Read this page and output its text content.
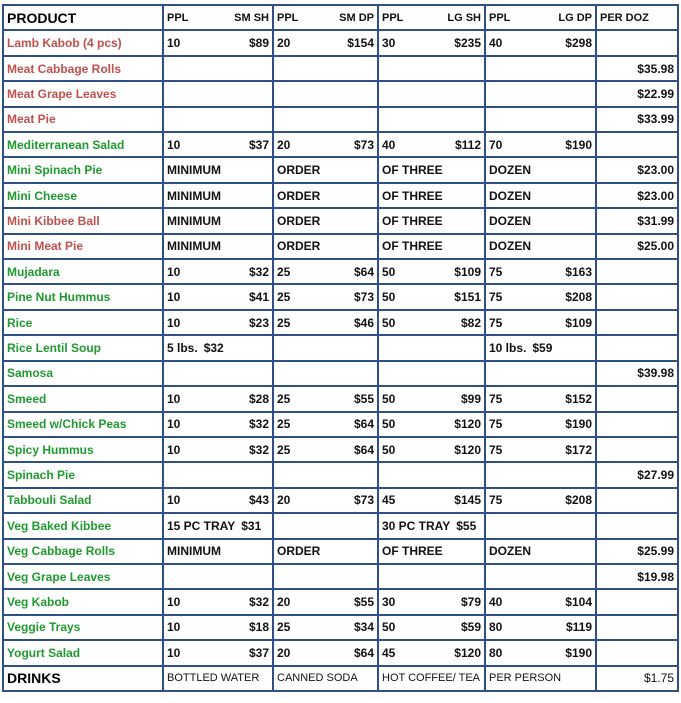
PRODUCT	PPL SM SH	PPL SM DP	PPL LG SH	PPL LG DP	PER DOZ
Lamb Kabob (4 pcs)	10 $89	20 $154	30 $235	40 $298	

Meat Cabbage Rolls					$35.98
Meat Grape Leaves					$22.99
Meat Pie					$33.99
Mediterranean Salad	10 $37	20 $73	40 $112	70 $190	

Mini Spinach Pie	MINIMUM	ORDER	OF THREE	DOZEN	$23.00
Mini Cheese	MINIMUM	ORDER	OF THREE	DOZEN	$23.00
Mini Kibbee Ball	MINIMUM	ORDER	OF THREE	DOZEN	$31.99
Mini Meat Pie	MINIMUM	ORDER	OF THREE	DOZEN	$25.00
Mujadara	10 $32	25 $64	50 $109	75 $163	

Pine Nut Hummus	10 $41	25 $73	50 $151	75 $208	

Rice	10 $23	25 $46	50 $82	75 $109	

Rice Lentil Soup	5 lbs. $32			10 lbs. $59	

Samosa					$39.98
Smeed	10 $28	25 $55	50 $99	75 $152	

Smeed w/Chick Peas	10 $32	25 $64	50 $120	75 $190	

Spicy Hummus	10 $32	25 $64	50 $120	75 $172	

Spinach Pie					$27.99
Tabbouli Salad	10 $43	20 $73	45 $145	75 $208	

Veg Baked Kibbee	15 PC TRAY $31		30 PC TRAY $55		

Veg Cabbage Rolls	MINIMUM	ORDER	OF THREE	DOZEN	$25.99
Veg Grape Leaves					$19.98
Veg Kabob	10 $32	20 $55	30 $79	40 $104	

Veggie Trays	10 $18	25 $34	50 $59	80 $119	

Yogurt Salad	10 $37	20 $64	45 $120	80 $190	

DRINKS	BOTTLED WATER	CANNED SODA	HOT COFFEE/ TEA	PER PERSON	$1.75
